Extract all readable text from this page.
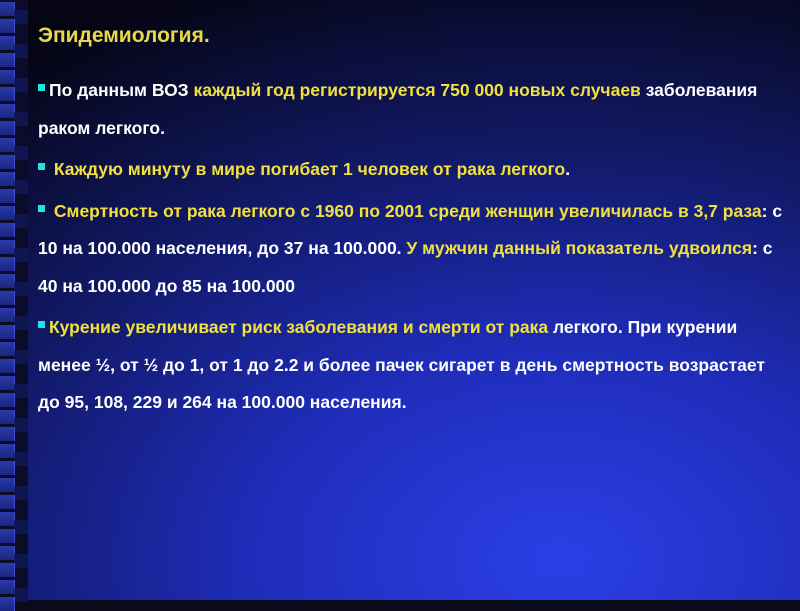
Эпидемиология.
По данным ВОЗ каждый год регистрируется 750 000 новых случаев заболевания раком легкого.
Каждую минуту в мире погибает 1 человек от рака легкого.
Смертность от рака легкого с 1960 по 2001 среди женщин увеличилась в 3,7 раза: с 10 на 100.000 населения, до 37 на 100.000. У мужчин данный показатель удвоился: с 40 на 100.000 до 85 на 100.000
Курение увеличивает риск заболевания и смерти от рака легкого. При курении менее ½, от ½ до 1, от 1 до 2.2 и более пачек сигарет в день смертность возрастает до 95, 108, 229 и 264 на 100.000 населения.
